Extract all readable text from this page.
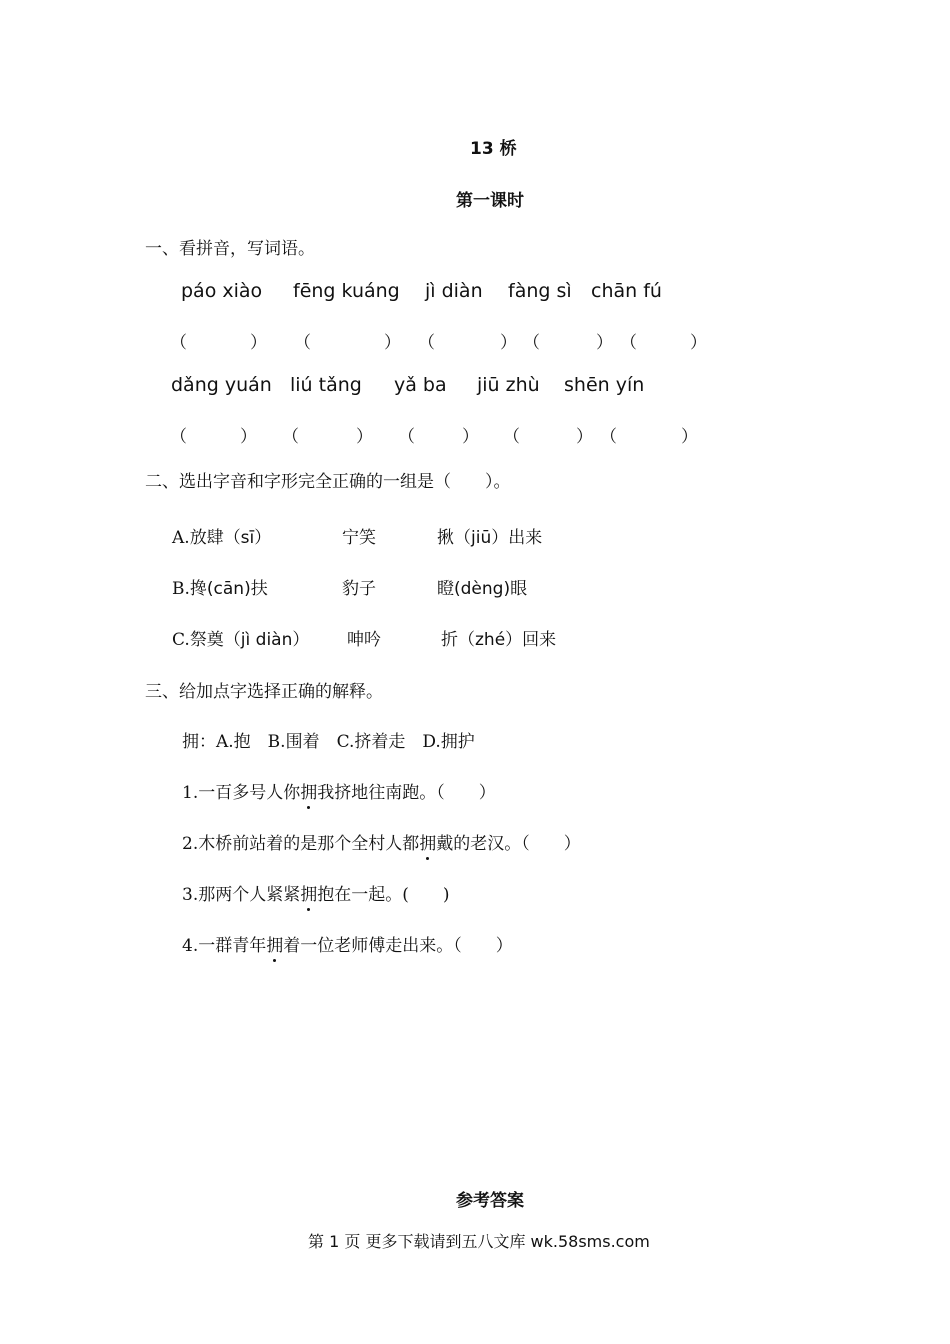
13 桥
第一课时
一、看拼音，写词语。
páo xiào fēng kuáng jì diàn fàng sì chān fú
（	） （	） （	） （	） （	）
dǎng yuán liú tǎng yǎ ba jiū zhù shēn yín
（	） （	） （	） （	） （	）
二、选出字音和字形完全正确的一组是（　　）。
A.放肆（sī）	宁笑	揪（jiū）出来
B.搀(cān)扶	豹子	瞪(dèng)眼
C.祭奠（jì diàn） 呻吟	折（zhé）回来
三、给加点字选择正确的解释。
拥：A.抱　B.围着　C.挤着走　D.拥护
1.一百多号人你拥我挤地往南跑。（　　）
2.木桥前站着的是那个全村人都拥戴的老汉。（　　）
3.那两个人紧紧拥抱在一起。(　　)
4.一群青年拥着一位老师傅走出来。（　　）
参考答案
第 1 页 更多下载请到五八文库 wk.58sms.com
